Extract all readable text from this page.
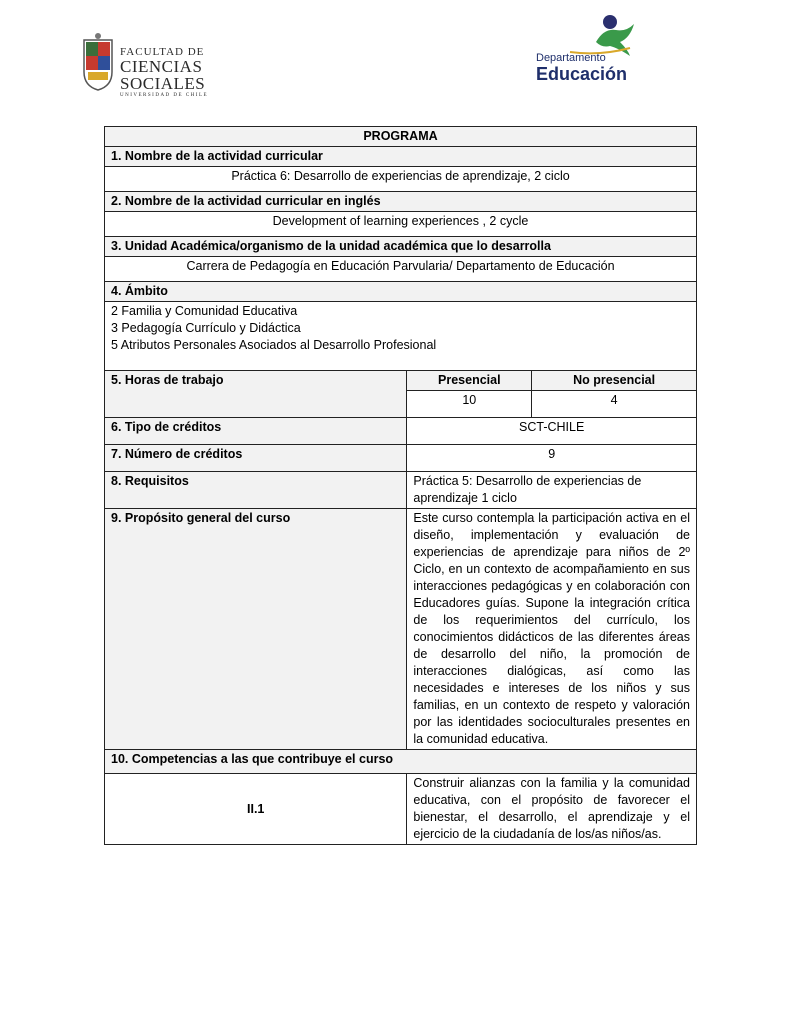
FACULTAD DE
CIENCIAS
SOCIALES
UNIVERSIDAD DE CHILE
Departamento
Educación
PROGRAMA		
1. Nombre de la actividad curricular		
Práctica 6: Desarrollo de experiencias de aprendizaje, 2 ciclo		
2. Nombre de la actividad curricular en inglés		
Development of learning experiences , 2 cycle		
3. Unidad Académica/organismo de la unidad académica que lo desarrolla		
Carrera de Pedagogía en Educación Parvularia/ Departamento de Educación		
4. Ámbito		

2 Familia y Comunidad Educativa
3 Pedagogía Currículo y Didáctica
5 Atributos Personales Asociados al Desarrollo Profesional		

5. Horas de trabajo	Presencial	No presencial
	10	4
6. Tipo de créditos	SCT-CHILE	
7. Número de créditos	9	
8. Requisitos	Práctica 5: Desarrollo de experiencias de aprendizaje 1 ciclo	
9. Propósito general del curso	Este curso contempla la participación activa en el diseño, implementación y evaluación de experiencias de aprendizaje para niños de 2º Ciclo, en un contexto de acompañamiento en sus interacciones pedagógicas y en colaboración con Educadores guías. Supone la integración crítica de los requerimientos del currículo, los conocimientos didácticos de las diferentes áreas de desarrollo del niño, la promoción de interacciones dialógicas, así como las necesidades e intereses de los niños y sus familias, en un contexto de respeto y valoración por las identidades socioculturales presentes en la comunidad educativa.	
10. Competencias a las que contribuye el curso		
II.1	Construir alianzas con la familia y la comunidad educativa, con el propósito de favorecer el bienestar, el desarrollo, el aprendizaje y el ejercicio de la ciudadanía de los/as niños/as.	
